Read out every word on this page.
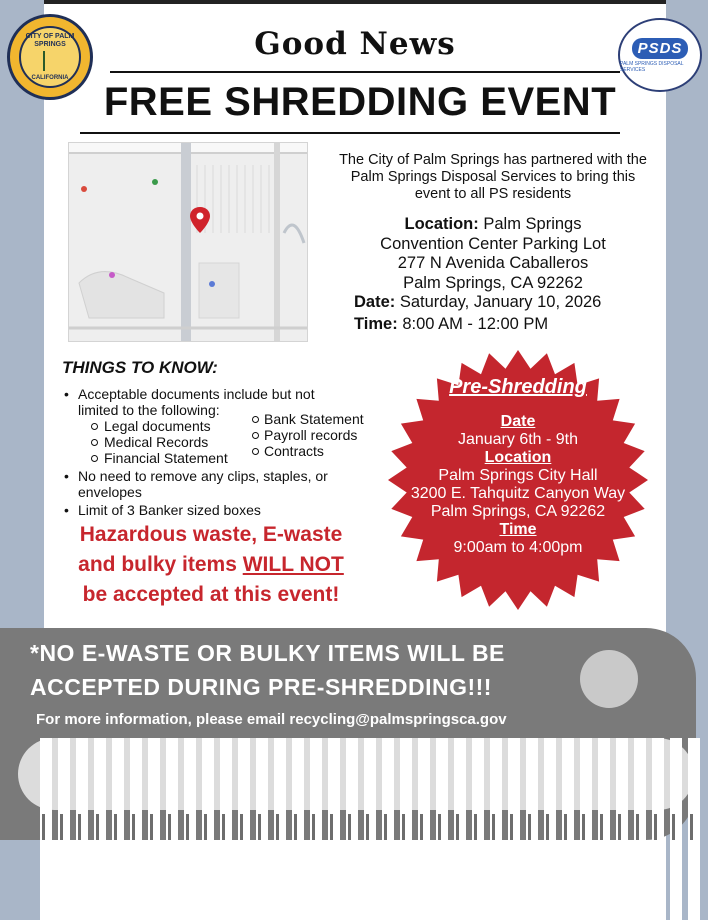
CITY OF PALM SPRINGS
CALIFORNIA
PSDS
PALM SPRINGS DISPOSAL SERVICES
Good News
FREE SHREDDING EVENT
The City of Palm Springs has partnered with the Palm Springs Disposal Services to bring this event to all PS residents
Location: Palm Springs
Convention Center Parking Lot
277 N Avenida Caballeros
Palm Springs, CA 92262
Date: Saturday, January 10, 2026
Time: 8:00 AM - 12:00 PM
THINGS TO KNOW:
• Acceptable documents include but not limited to the following:
Legal documents
Medical Records
Financial Statement
• No need to remove any clips, staples, or envelopes
• Limit of 3 Banker sized boxes
Bank Statement
Payroll records
Contracts
Hazardous waste, E-waste
and bulky items WILL NOT
be accepted at this event!
Pre-Shredding
Date
January 6th - 9th
Location
Palm Springs City Hall
3200 E. Tahquitz Canyon Way
Palm Springs, CA 92262
Time
9:00am to 4:00pm
*NO E-WASTE OR BULKY ITEMS WILL BE
ACCEPTED DURING PRE-SHREDDING!!!
For more information, please email recycling@palmspringsca.gov
